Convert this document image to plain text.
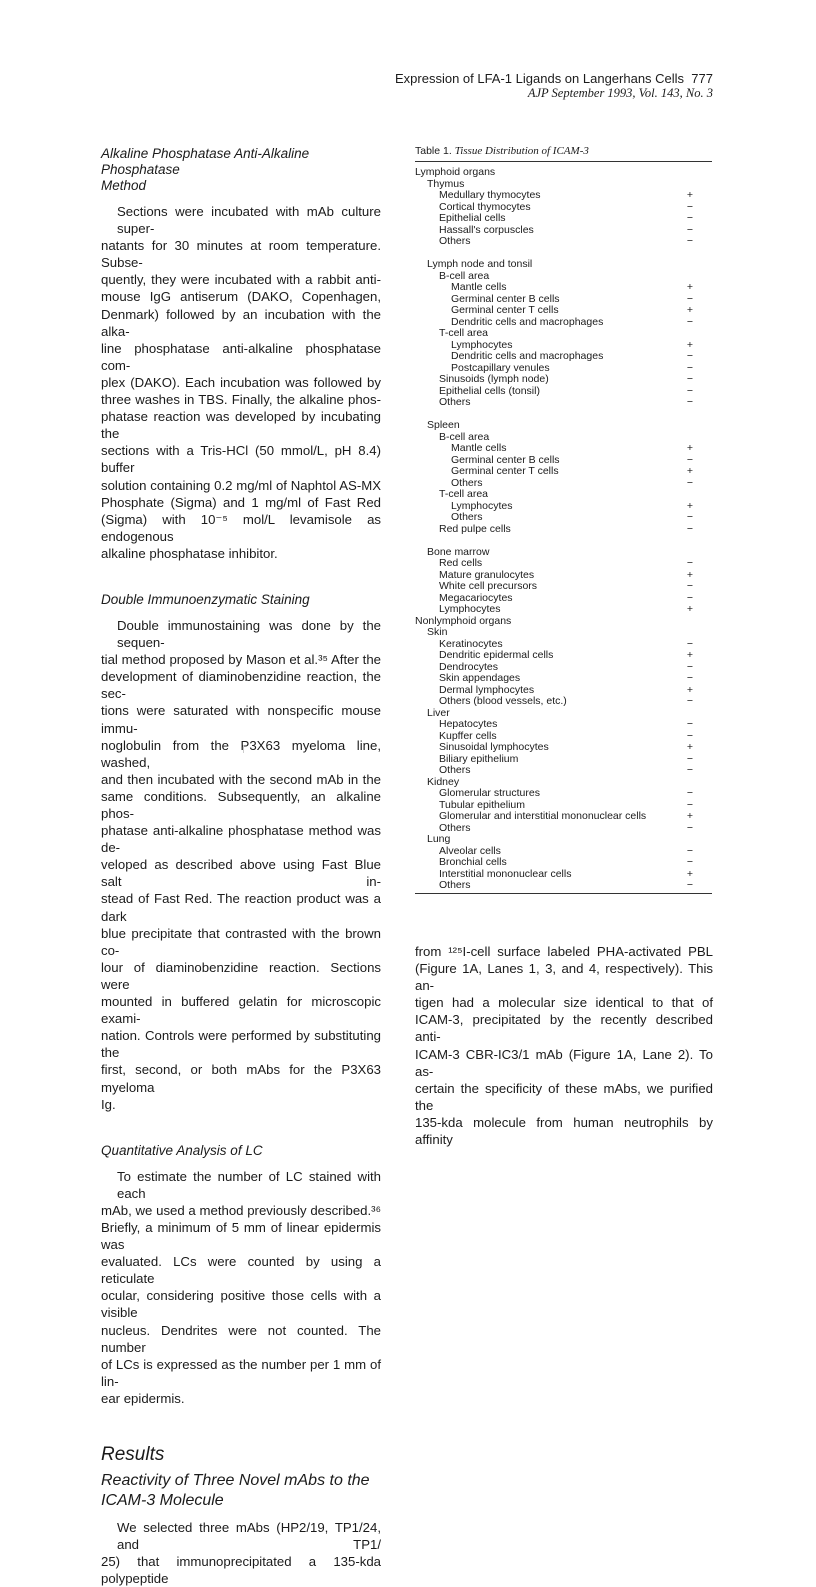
Expression of LFA-1 Ligands on Langerhans Cells 777
AJP September 1993, Vol. 143, No. 3
Alkaline Phosphatase Anti-Alkaline Phosphatase
Method
Sections were incubated with mAb culture super-
natants for 30 minutes at room temperature. Subse-
quently, they were incubated with a rabbit anti-
mouse IgG antiserum (DAKO, Copenhagen,
Denmark) followed by an incubation with the alka-
line phosphatase anti-alkaline phosphatase com-
plex (DAKO). Each incubation was followed by
three washes in TBS. Finally, the alkaline phos-
phatase reaction was developed by incubating the
sections with a Tris-HCl (50 mmol/L, pH 8.4) buffer
solution containing 0.2 mg/ml of Naphtol AS-MX
Phosphate (Sigma) and 1 mg/ml of Fast Red
(Sigma) with 10⁻⁵ mol/L levamisole as endogenous
alkaline phosphatase inhibitor.
Double Immunoenzymatic Staining
Double immunostaining was done by the sequen-
tial method proposed by Mason et al.³⁵ After the
development of diaminobenzidine reaction, the sec-
tions were saturated with nonspecific mouse immu-
noglobulin from the P3X63 myeloma line, washed,
and then incubated with the second mAb in the
same conditions. Subsequently, an alkaline phos-
phatase anti-alkaline phosphatase method was de-
veloped as described above using Fast Blue salt in-
stead of Fast Red. The reaction product was a dark
blue precipitate that contrasted with the brown co-
lour of diaminobenzidine reaction. Sections were
mounted in buffered gelatin for microscopic exami-
nation. Controls were performed by substituting the
first, second, or both mAbs for the P3X63 myeloma
Ig.
Quantitative Analysis of LC
To estimate the number of LC stained with each
mAb, we used a method previously described.³⁶
Briefly, a minimum of 5 mm of linear epidermis was
evaluated. LCs were counted by using a reticulate
ocular, considering positive those cells with a visible
nucleus. Dendrites were not counted. The number
of LCs is expressed as the number per 1 mm of lin-
ear epidermis.
Results
Reactivity of Three Novel mAbs to the
ICAM-3 Molecule
We selected three mAbs (HP2/19, TP1/24, and TP1/
25) that immunoprecipitated a 135-kda polypeptide
Table 1. Tissue Distribution of ICAM-3
Lymphoid organs
Thymus
Medullary thymocytes	+
Cortical thymocytes	−
Epithelial cells	−
Hassall's corpuscles	−
Others	−
Lymph node and tonsil
B-cell area
Mantle cells	+
Germinal center B cells	−
Germinal center T cells	+
Dendritic cells and macrophages	−
T-cell area
Lymphocytes	+
Dendritic cells and macrophages	−
Postcapillary venules	−
Sinusoids (lymph node)	−
Epithelial cells (tonsil)	−
Others	−
Spleen
B-cell area
Mantle cells	+
Germinal center B cells	−
Germinal center T cells	+
Others	−
T-cell area
Lymphocytes	+
Others	−
Red pulpe cells	−
Bone marrow
Red cells	−
Mature granulocytes	+
White cell precursors	−
Megacariocytes	−
Lymphocytes	+
Nonlymphoid organs
Skin
Keratinocytes	−
Dendritic epidermal cells	+
Dendrocytes	−
Skin appendages	−
Dermal lymphocytes	+
Others (blood vessels, etc.)	−
Liver
Hepatocytes	−
Kupffer cells	−
Sinusoidal lymphocytes	+
Biliary epithelium	−
Others	−
Kidney
Glomerular structures	−
Tubular epithelium	−
Glomerular and interstitial mononuclear cells	+
Others	−
Lung
Alveolar cells	−
Bronchial cells	−
Interstitial mononuclear cells	+
Others	−
from ¹²⁵I-cell surface labeled PHA-activated PBL
(Figure 1A, Lanes 1, 3, and 4, respectively). This an-
tigen had a molecular size identical to that of
ICAM-3, precipitated by the recently described anti-
ICAM-3 CBR-IC3/1 mAb (Figure 1A, Lane 2). To as-
certain the specificity of these mAbs, we purified the
135-kda molecule from human neutrophils by affinity
